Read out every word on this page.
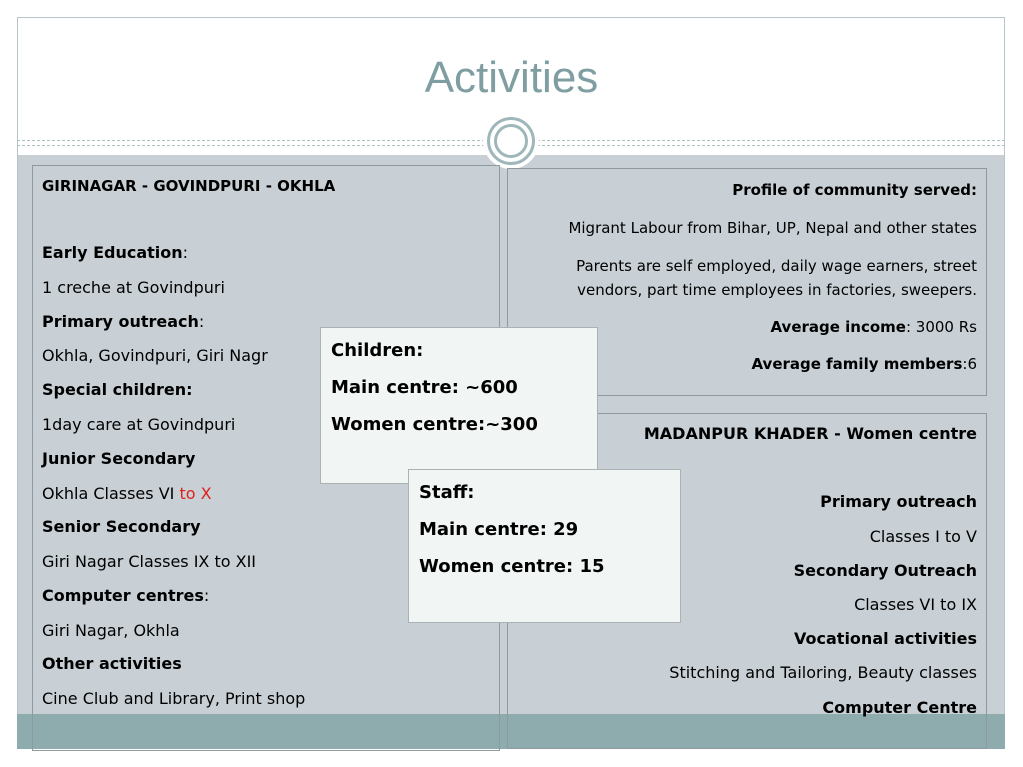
Activities
GIRINAGAR - GOVINDPURI - OKHLA
Early Education:
1 creche at Govindpuri
Primary outreach:
Okhla, Govindpuri, Giri Nagr
Special children:
1day care at Govindpuri
Junior Secondary
Okhla Classes VI to X
Senior Secondary
Giri Nagar Classes IX to XII
Computer centres:
Giri Nagar, Okhla
Other activities
Cine Club and Library, Print shop
Profile of community served:
Migrant Labour from Bihar, UP, Nepal and other states
Parents are self employed, daily wage earners, street
vendors, part time employees in factories, sweepers.
Average income: 3000 Rs
Average family members:6
MADANPUR KHADER - Women centre
Primary outreach
Classes I to V
Secondary Outreach
Classes VI to IX
Vocational activities
Stitching and Tailoring, Beauty classes
Computer Centre
Children:
Main centre: ~600
Women centre:~300
Staff:
Main centre: 29
Women centre: 15
